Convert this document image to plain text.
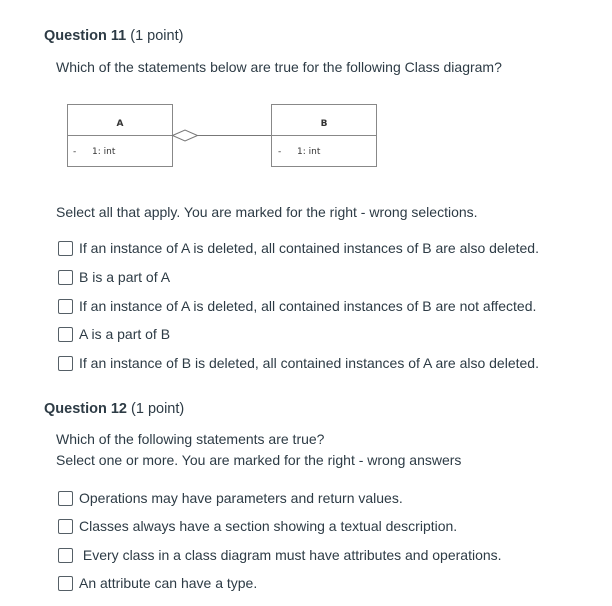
Question 11 (1 point)
Which of the statements below are true for the following Class diagram?
A
- 1: int
B
- 1: int
Select all that apply. You are marked for the right - wrong selections.
If an instance of A is deleted, all contained instances of B are also deleted.
B is a part of A
If an instance of A is deleted, all contained instances of B are not affected.
A is a part of B
If an instance of B is deleted, all contained instances of A are also deleted.
Question 12 (1 point)
Which of the following statements are true?
Select one or more. You are marked for the right - wrong answers
Operations may have parameters and return values.
Classes always have a section showing a textual description.
Every class in a class diagram must have attributes and operations.
An attribute can have a type.
